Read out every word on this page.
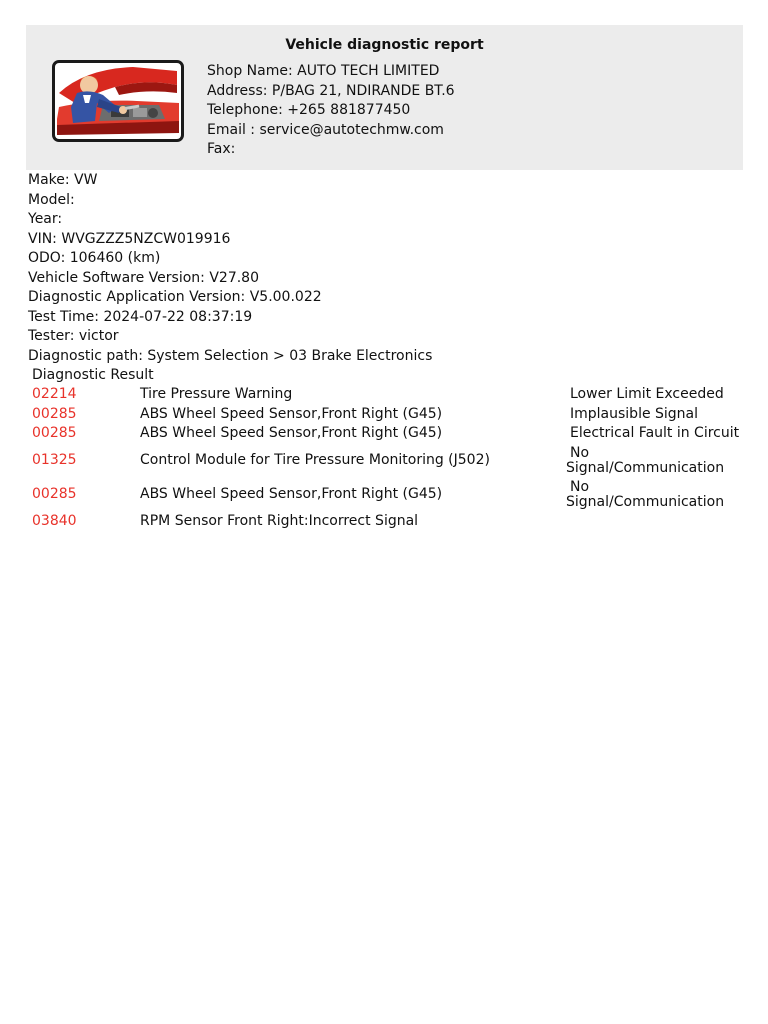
Vehicle diagnostic report
Shop Name: AUTO TECH LIMITED
Address: P/BAG 21, NDIRANDE BT.6
Telephone: +265 881877450
Email : service@autotechmw.com
Fax:
Make: VW
Model:
Year:
VIN: WVGZZZ5NZCW019916
ODO: 106460 (km)
Vehicle Software Version: V27.80
Diagnostic Application Version: V5.00.022
Test Time: 2024-07-22 08:37:19
Tester: victor
Diagnostic path: System Selection > 03 Brake Electronics
Diagnostic Result
02214	Tire Pressure Warning	Lower Limit Exceeded
00285	ABS Wheel Speed Sensor,Front Right (G45)	Implausible Signal
00285	ABS Wheel Speed Sensor,Front Right (G45)	Electrical Fault in Circuit
01325	Control Module for Tire Pressure Monitoring (J502)	No
Signal/Communication
00285	ABS Wheel Speed Sensor,Front Right (G45)	No
Signal/Communication
03840	RPM Sensor Front Right:Incorrect Signal
